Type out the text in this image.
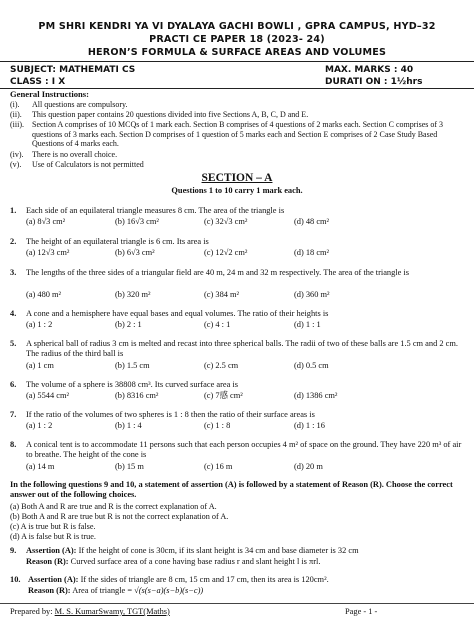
PM SHRI KENDRI YA VI DYALAYA GACHI BOWLI , GPRA CAMPUS, HYD–32
PRACTI CE PAPER 18 (2023- 24)
HERON’S FORMULA & SURFACE AREAS AND VOLUMES
SUBJECT: MATHEMATI CS	MAX. MARKS : 40
CLASS : I X	DURATI ON : 1½hrs
General Instructions:
(i). All questions are compulsory.
(ii). This question paper contains 20 questions divided into five Sections A, B, C, D and E.
(iii). Section A comprises of 10 MCQs of 1 mark each. Section B comprises of 4 questions of 2 marks each. Section C comprises of 3 questions of 3 marks each. Section D comprises of 1 question of 5 marks each and Section E comprises of 2 Case Study Based Questions of 4 marks each.
(iv). There is no overall choice.
(v). Use of Calculators is not permitted
SECTION – A
Questions 1 to 10 carry 1 mark each.
1. Each side of an equilateral triangle measures 8 cm. The area of the triangle is
(a) 8√3 cm²	(b) 16√3 cm²	(c) 32√3 cm²	(d) 48 cm²
2. The height of an equilateral triangle is 6 cm. Its area is
(a) 12√3 cm²	(b) 6√3 cm²	(c) 12√2 cm²	(d) 18 cm²
3. The lengths of the three sides of a triangular field are 40 m, 24 m and 32 m respectively. The area of the triangle is
(a) 480 m²	(b) 320 m²	(c) 384 m²	(d) 360 m²
4. A cone and a hemisphere have equal bases and equal volumes. The ratio of their heights is
(a) 1 : 2	(b) 2 : 1	(c) 4 : 1	(d) 1 : 1
5. A spherical ball of radius 3 cm is melted and recast into three spherical balls. The radii of two of these balls are 1.5 cm and 2 cm. The radius of the third ball is
(a) 1 cm	(b) 1.5 cm	(c) 2.5 cm	(d) 0.5 cm
6. The volume of a sphere is 38808 cm³. Its curved surface area is
(a) 5544 cm²	(b) 8316 cm²	(c) 7感 cm²	(d) 1386 cm²
7. If the ratio of the volumes of two spheres is 1 : 8 then the ratio of their surface areas is
(a) 1 : 2	(b) 1 : 4	(c) 1 : 8	(d) 1 : 16
8. A conical tent is to accommodate 11 persons such that each person occupies 4 m² of space on the ground. They have 220 m³ of air to breathe. The height of the cone is
(a) 14 m	(b) 15 m	(c) 16 m	(d) 20 m
In the following questions 9 and 10, a statement of assertion (A) is followed by a statement of Reason (R). Choose the correct answer out of the following choices.
(a) Both A and R are true and R is the correct explanation of A.
(b) Both A and R are true but R is not the correct explanation of A.
(c) A is true but R is false.
(d) A is false but R is true.
9. Assertion (A): If the height of cone is 30cm, if its slant height is 34 cm and base diameter is 32 cm
Reason (R): Curved surface area of a cone having base radius r and slant height l is πrl.
10. Assertion (A): If the sides of triangle are 8 cm, 15 cm and 17 cm, then its area is 120cm².
Reason (R): Area of triangle = √(s(s−a)(s−b)(s−c))
Prepared by: M. S. KumarSwamy, TGT(Maths)	Page - 1 -
